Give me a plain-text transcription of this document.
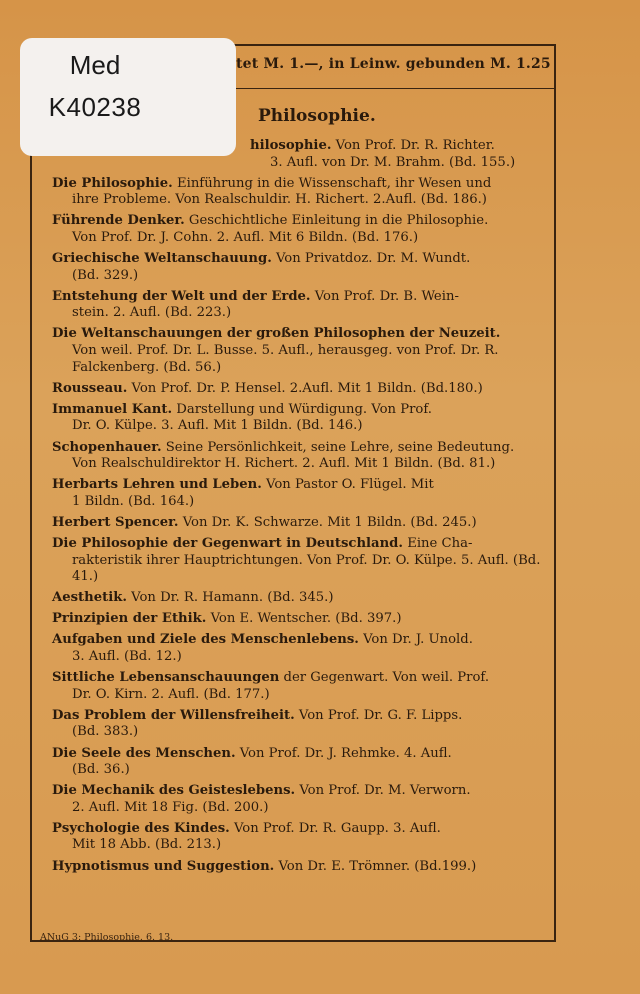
tet M. 1.—, in Leinw. gebunden M. 1.25
Philosophie.
hilosophie. Von Prof. Dr. R. Richter.
3. Aufl. von Dr. M. Brahm. (Bd. 155.)
Die Philosophie. Einführung in die Wissenschaft, ihr Wesen und
ihre Probleme. Von Realschuldir. H. Richert. 2.Aufl. (Bd. 186.)
Führende Denker. Geschichtliche Einleitung in die Philosophie.
Von Prof. Dr. J. Cohn. 2. Aufl. Mit 6 Bildn. (Bd. 176.)
Griechische Weltanschauung. Von Privatdoz. Dr. M. Wundt.
(Bd. 329.)
Entstehung der Welt und der Erde. Von Prof. Dr. B. Wein-
stein. 2. Aufl. (Bd. 223.)
Die Weltanschauungen der großen Philosophen der Neuzeit.
Von weil. Prof. Dr. L. Busse. 5. Aufl., herausgeg. von Prof. Dr. R. Falckenberg. (Bd. 56.)
Rousseau. Von Prof. Dr. P. Hensel. 2.Aufl. Mit 1 Bildn. (Bd.180.)
Immanuel Kant. Darstellung und Würdigung. Von Prof.
Dr. O. Külpe. 3. Aufl. Mit 1 Bildn. (Bd. 146.)
Schopenhauer. Seine Persönlichkeit, seine Lehre, seine Bedeutung.
Von Realschuldirektor H. Richert. 2. Aufl. Mit 1 Bildn. (Bd. 81.)
Herbarts Lehren und Leben. Von Pastor O. Flügel. Mit
1 Bildn. (Bd. 164.)
Herbert Spencer. Von Dr. K. Schwarze. Mit 1 Bildn. (Bd. 245.)
Die Philosophie der Gegenwart in Deutschland. Eine Cha-
rakteristik ihrer Hauptrichtungen. Von Prof. Dr. O. Külpe. 5. Aufl. (Bd. 41.)
Aesthetik. Von Dr. R. Hamann. (Bd. 345.)
Prinzipien der Ethik. Von E. Wentscher. (Bd. 397.)
Aufgaben und Ziele des Menschenlebens. Von Dr. J. Unold.
3. Aufl. (Bd. 12.)
Sittliche Lebensanschauungen der Gegenwart. Von weil. Prof.
Dr. O. Kirn. 2. Aufl. (Bd. 177.)
Das Problem der Willensfreiheit. Von Prof. Dr. G. F. Lipps.
(Bd. 383.)
Die Seele des Menschen. Von Prof. Dr. J. Rehmke. 4. Aufl.
(Bd. 36.)
Die Mechanik des Geisteslebens. Von Prof. Dr. M. Verworn.
2. Aufl. Mit 18 Fig. (Bd. 200.)
Psychologie des Kindes. Von Prof. Dr. R. Gaupp. 3. Aufl.
Mit 18 Abb. (Bd. 213.)
Hypnotismus und Suggestion. Von Dr. E. Trömner. (Bd.199.)
ANuG 3: Philosophie. 6. 13.
Med
K40238
